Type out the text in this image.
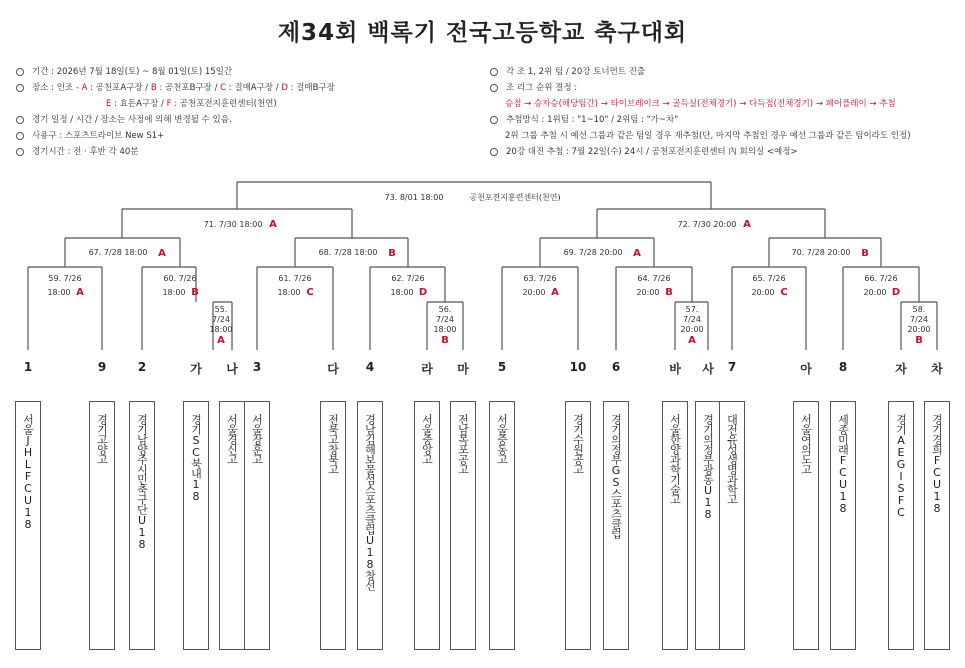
제34회 백록기 전국고등학교 축구대회
기간 : 2026년 7월 18일(토) ~ 8월 01일(토) 15일간
장소 : 인조 -
A : 공천포A구장 / B : 공천포B구장 / C : 걸매A구장 / D : 걸매B구장
E : 효돈A구장 / F : 공천포전지훈련센터(천연)
경기 일정 / 시간 / 장소는 사정에 의해 변경될 수 있음.
사용구 : 스포츠트라이브 New S1+
경기시간 : 전 · 후반 각 40분
각 조 1, 2위 팀 / 20강 토너먼트 진출
조 리그 순위 결정 :
승점 → 승자승(해당팀간) → 타이브레이크 → 골득실(전체경기) → 다득점(전체경기) → 페어플레이 → 추첨
추첨방식 : 1위팀 : "1~10" / 2위팀 : "가~차"
2위 그룹 추첨 시 예선 그룹과 같은 팀일 경우 재추첨(단, 마지막 추첨인 경우 예선 그룹과 같은 팀이라도 인정)
20강 대진 추첨 : 7월 22일(수) 24시 / 공천포전지훈련센터 內 회의실 <예정>
55.
7/24
18:00
A
56.
7/24
18:00
B
57.
7/24
20:00
A
58.
7/24
20:00
B
59. 7/26
18:00 A
60. 7/26
18:00 B
61. 7/26
18:00 C
62. 7/26
18:00 D
63. 7/26
20:00 A
64. 7/26
20:00 B
65. 7/26
20:00 C
66. 7/26
20:00 D
67. 7/28 18:00 A	68. 7/28 18:00 B	69. 7/28 20:00 A	70. 7/28 20:00 B
71. 7/30 18:00 A	72. 7/30 20:00 A
73. 8/01 18:00	공천포전지훈련센터(천연)
1
서울JHLFCU18
9
경기고양고
2
경기남양주시민축구단U18
가
경기SC북내18
나
서울경신고
3
서울장훈고
다
전북고창북고
4
경남김해보물섬스포츠클럽U18창선
라
서울중앙고
마
전남목포공고
5
서울중동고
10
경기수원공고
6
경기의정부GS스포츠클럽
바
서울한양과학기술고
사
경기의정부광동U18
7
대전유성생명과학고
아
서울여의도고
8
세종미래FCU18
자
경기AEGISFC
차
경기경희FCU18
